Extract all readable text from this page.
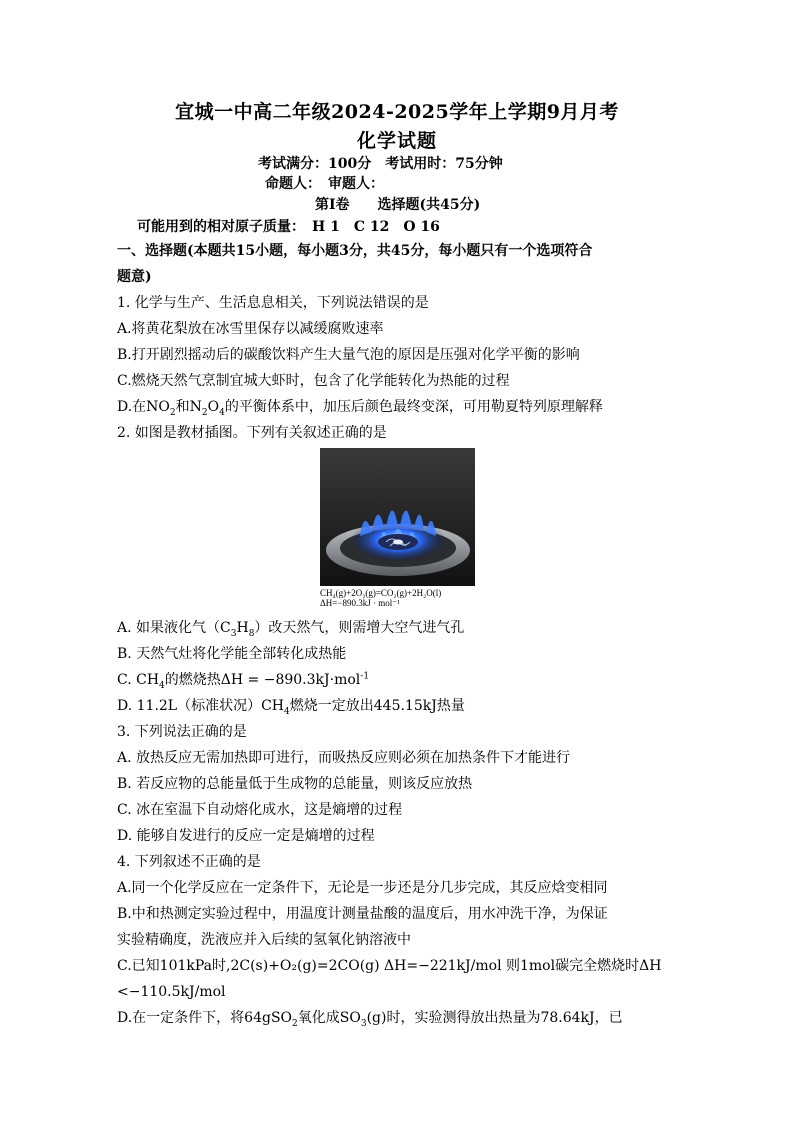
宜城一中高二年级2024-2025学年上学期9月月考
化学试题
考试满分：100分　考试用时：75分钟
命题人：　审题人：
第Ⅰ卷　　选择题(共45分)
可能用到的相对原子质量：　H 1　C 12　O 16
一、选择题(本题共15小题，每小题3分，共45分，每小题只有一个选项符合
题意)
1. 化学与生产、生活息息相关，下列说法错误的是
A.将黄花梨放在冰雪里保存以减缓腐败速率
B.打开剧烈摇动后的碳酸饮料产生大量气泡的原因是压强对化学平衡的影响
C.燃烧天然气烹制宜城大虾时，包含了化学能转化为热能的过程
D.在$NO_2$和$N_2O_4$的平衡体系中，加压后颜色最终变深，可用勒夏特列原理解释
2. 如图是教材插图。下列有关叙述正确的是
CH₄(g)+2O₂(g)=CO₂(g)+2H₂O(l)
ΔH=−890.3kJ · mol⁻¹
A. 如果液化气$(C_3H_8)$改天然气，则需增大空气进气孔
B. 天然气灶将化学能全部转化成热能
C. $CH_4$的燃烧热ΔH = −890.3kJ·mol$^{-1}$
D. 11.2L（标准状况）$CH_4$燃烧一定放出445.15kJ热量
3. 下列说法正确的是
A. 放热反应无需加热即可进行，而吸热反应则必须在加热条件下才能进行
B. 若反应物的总能量低于生成物的总能量，则该反应放热
C. 冰在室温下自动熔化成水，这是熵增的过程
D. 能够自发进行的反应一定是熵增的过程
4. 下列叙述不正确的是
A.同一个化学反应在一定条件下，无论是一步还是分几步完成，其反应焓变相同
B.中和热测定实验过程中，用温度计测量盐酸的温度后，用水冲洗干净，为保证
实验精确度，洗液应并入后续的氢氧化钠溶液中
C.已知101kPa时,2C(s)+O₂(g)=2CO(g) ΔH=−221kJ/mol 则1mol碳完全燃烧时ΔH
<−110.5kJ/mol
D.在一定条件下，将64gSO$_2$氧化成$SO_3(g)$时，实验测得放出热量为78.64kJ，已
